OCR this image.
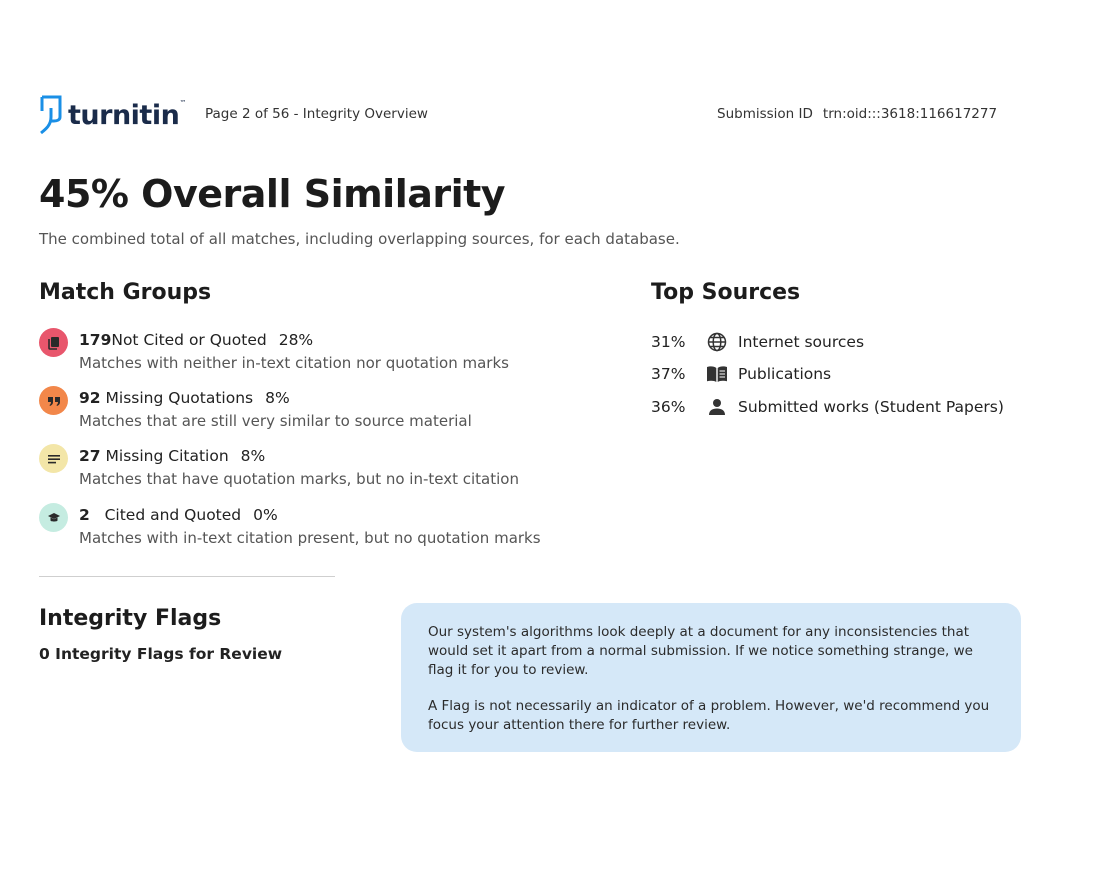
turnitin ™
Page 2 of 56 - Integrity Overview	Submission ID trn:oid:::3618:116617277
45% Overall Similarity
The combined total of all matches, including overlapping sources, for each database.
Match Groups
179Not Cited or Quoted 28%
Matches with neither in-text citation nor quotation marks
92 Missing Quotations 8%
Matches that are still very similar to source material
27 Missing Citation 8%
Matches that have quotation marks, but no in-text citation
2 Cited and Quoted 0%
Matches with in-text citation present, but no quotation marks
Top Sources
31%	Internet sources
37%	Publications
36%	Submitted works (Student Papers)
Integrity Flags
0 Integrity Flags for Review

Our system's algorithms look deeply at a document for any inconsistencies that would set it apart from a normal submission. If we notice something strange, we flag it for you to review.

A Flag is not necessarily an indicator of a problem. However, we'd recommend you focus your attention there for further review.
